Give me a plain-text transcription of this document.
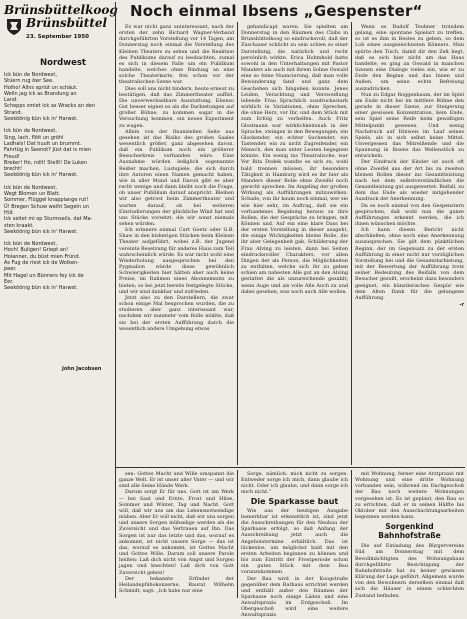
Brünsbüttelkoog
Brünsbüttel
23. September 1950
Nordwest
Ick bün de Nordwest,
Stüern rug öwr See.
Holho! Allns spriüt un schäut.
Welln jag ick as Brandung an
Land.
Schepps smiet ick as Wracks an den
Strand.
Seeköönig bün ick in' Harwst.
Ick bün de Nordwest,
Sing, lach, flöit un gröhl
Ladhals! Dat huult un brummt.
Fahrtüg in Seenot? Jüst dat is mien
Freud!
Breker! Ho, rollt! Stellt! De Luken
brecht!
Seeköönig bün ick in' Harwst.
Ick bün de Nordwest,
Wegt Blomen un Blatt.
Sommer, Flüggel knapplange rut!
Ü! Bregen Schuw weiht Segeln un
Hüt.
Ick seitet mi op Sturmseils, dat Ma-
sten kraakt.
Seeköönig bün ick in' Harwst.
Ick bün de Nordwest,
Hoch! Buligen! Griept an!
Holanner, du büst mien Fründ.
As Fug de riest ick de Wolken-
peer.
Mit Hagel un Bünners fey ick de
Eer.
Seeköönig bün ick in' Harwst.
John Jacobsen
Noch einmal Ibsens „Gespenster“

Es war nicht ganz uninteressant, nach der ersten der zehn Richard Wagner-Verband durchgeführten Vorstellung vor 14 Tagen, am Donnerstag noch einmal die Vorstellung des Kleinen Theaters zu sehen und die Reaktion des Publikums darauf zu beobachten, zumal es sich in diesem Falle um ein Publikum handelte, welches ohne Bindung an eine solche Theaterkarte, frei schon vor der theatralischen Szene war.

Dies soll uns nicht hindern, heute erneut zu bestätigen, daß das Zimmertheater auffiel. Die unverwechselbare Ausstattung. Ebenso Gut besser eignet es als die Darbietungen auf großer Bühne, zu kommen sogar in die Versuchung kommen, ein neues Experiment zu wagen.

Allein von der finanziellen Seite aus gesehen ist das Risiko des großen Saales wesentlich größer, ganz abgesehen davon, daß ein Publikum noch ein größerer Besucherkreis vorhanden wäre. Eine Ausnahme würden lediglich sogenannte Reißer machen, Lustspiele, die sich durch ihre Autoren einen Namen gemacht haben, wie in aller Mund und Davon gibt es aber recht wenige und dann bleibt noch die Frage, ob unser Publikum darauf anspricht. Bleiben wir also getrost beim Zimmertheater und warten darauf, ob bei weiteren Einstudierungen der glückliche Wind hat und uns Stücke vorsetzt, die wir sonst niemals sehen würden.

Ich erinnere einmal Curt Goetz oder G.B. Shaw in den bisherigen Stücken beim Kleinen Theater aufgeführt, wobei z.B. der Jugend vereinte Besetzung für anderes Haus zum Teil wahrscheinlich würde. Es war nicht wohl eine Wiederholung ausgesprochen bei den Pygmalion würde diese gewöhnlich Schwierigkeiten hier hätten aber auch keine Preise, im Rahmen eines Abonnements zu bieten; so bei jetzt bereits festgelegte Stücke, und wir sind dankbar und zufrieden.

Jetzt also zu den Darstellern, die zwar schon einige Mal besprochen wurden, die zu studieren aber ganz interessant war, nachdem wir nunmehr vom Rolle müßte, daß sie bei der ersten Aufführung durch die wesentlich andere Umgebung etwas

gehandicapt waren. Sie spielten am Donnerstag in den Räumen des Clubs in Brunsbüttelkoog so eindrucksvoll, daß der Zuschauer schlicht zu sein schien so einer Darstellung, die natürlich und recht persönlich wirkte. Erica Hohmhold hatte sowohl in den Unterhaltungen mit Pastor Manders als auch mit ihrem Sohne Oswald eine so feine Nuancierung, daß man volle Bewunderung fand und ganz dem Geschehen sich hingeben konnte. Jenes Leiden, Verachtung und Verzweiflung lebende Frau Sprachlich ausdrucksstark wirklich in Variationen, ohne Sprechen, die ohne Herz, vor Ihr, und dem Stück mit zum Erfolg zu verhelfen. Auch Fritz Glostmann war wirklichkeitsnah in der Sprache, zwingen in den Bewegungen, ein Glockender, ein echter Suchender, ein Tastender, ein zu nicht Zugreifender, ein Mensch, den man unter Leuten begegnen könnte. Ein wenig ins Theatralische, war Vor Rita Dodek wandte es sich zu, wohl bald trennen müssen, ihr besonders Tätigkeit in Hamburg wird es ihr hier als Manders dieser Rolle ohne Zweifel noch gerecht sprechen. Im Angeling der großen Wirkung als Aufführungen mitzuwirken. Schade, von ihr kaum noch einmal, wer sie wie hier sehr, im Auftrag, daß sie ein vorhandenes Begabung heraus zu ihre Rollen, die der Gespräche zu bringen, mit Können und. Auf ein eine klare Dass bei der ersten Vorstellung in dieser ausgeht, die einige Wichtigkeiten kleine Rolle, die ihr aber Gelegenheit gab, Schilderung der Frau Alving zu leisten, dann bei Seiten eindrucksvoller Charakters, vor allen Dingen der als Person, die Möglichkeiten zu entfalten, welche sich ihr zu geben schien am nahesten Alle gut an den Alving gestattet die als unzureichende gezahlt; wenn Auge und als volle Alle Auch zu und dabei gesehen, was noch auch Alle wollen.

Wenn es Rudolf Teubner trotzdem gelang, eine spontane Spielart zu treffen, so ist es ihm in Bestes zu geben, so dem Lob eines ausgezeichneten Könners. Man spürte den Tisch, damit dir den Zelt liegt, daß es sich hier nicht um das Haus handelte, es ging an Oswald in manchen Szenen eine Dialoge vieles ein, wie er zu Ende den Beginn und das Innen und Außen, um seine echte Befreiung auszudrücken.

Nun zu Edgar Roggenbaum, der im Spiel am Ende nicht bei im mittlere Bühne den gerade in dieser Szene, zur Steigerung einer gewissen Konzentration, kein Ende, sein Spiel seine Reife beim gewaltigen Mittelpunkt gewesen. Und wenig Nachdruck auf Hinweis im Lauf seines Spiels, als in sich selbst keine Mittel. Unvergessen das Mitreißende und die Spannung in Ibsens das Wellenstück zu entwickeln.

Der Eindruck der Kinder ist auch oft ohne Zweifel aus der Art bis zu zweiten kleinen Rollen dieser ins Gesamtleistung nach bei dem selbstverständlichen die Gesamtleistung gut ausgewertet: Beifall, zu dem das Ende als wieder mitgehender Ausdruck der Anerkennung.

Da es noch einmal von den Gespenstern gesprochen, daß wohl nun die ganze Aufführungen erkennt werden, die ich ihnen wünschen möchte.

Ich kann diesen Bericht nicht abschließen, ohne noch eine Anerkennung auszusprechen. Sie gilt dem pünktlichen Beginn, der im Gegensatz zu der ersten Aufführung in einer nicht nur vorzüglichen Vorstellung bei und die Gesamtdarbietung, mit der Bewertung der Aufführung trotz seiner Bedeutung des Beifalls von dem Besucher gezollt, erscheint dazu besonders geeignet, ein künstlerisches Gespür wie dem Alten Dank für die gelungene Aufführung.

-r

sen: Gottes Macht und Wille umspannt die ganze Welt. Er ist unser aller Vater — und wir sind alle Seine Hände Werk.

Darum sorgt Er für uns. Gott ist am Werk — bei Saat und Ernte, Frost und Hitze, Sommer und Winter, Tag und Nacht. Gott will, daß wir uns um das Lebensnotwendige mühen. Aber Er will nicht, daß wir uns sorgen und unsere Sorgen mühselige werden als die Zuversicht und das Vertrauen auf Ihn. Das Sorgen ist nur das letzte und das, worauf es ankommt, ist nicht unsere Sorge — das ist das, worauf es ankommt, ist Gottes Macht und Gottes Wille. Darum soll unsere Parole heißen: Laß dich nicht von Angst und Sorgen jagen und knechten! Laß dich von Gott Zuversicht geben!

Der bekannte Erfinder der Heilandepfühokonzerne, Baurat Wilhelm Schmidt, sagt: „Ich habe nur eine

Sorge, nämlich: mich nicht zu sorgen. Entweder sorge ich mich, dann glaube ich nicht. Oder ich glaube, und dann sorge ich mich nicht.“

Die Sparkasse baut

Wie aus der heutigen Ausgabe bemerkbar ist erkenntlich ist, sind jetzt die Ausschreibungen für den Neubau der Sparkasse erfolgt, so daß Anfang der Ausschreibung jetzt auch die Angebotstermine erhältlich. Das ist lückenlos, um möglichst bald mit den ersten Arbeiten beginnen zu können und bis zum Eintritt der Frostperiode schon ein gutes Stück mit dem Bau voranzukommen.

Der Bau wird in der Koogstraße gegenüber dem Rathaus errichtet werden und enthält außer den Räumen der Sparkasse noch einige Läden und eine Anwaltspraxis im Erdgeschoß. Im Obergeschoß wird eine weitere Anwaltspraxis

mit Wohnung, ferner eine Arztpraxis mit Wohnung und eine dritte Wohnung vorhanden sein, während im Dachgeschoß der Bau noch weitere Wohnungen vorgesehen ist. Es ist geplant, den Bau so zu errichten, daß er in seinen Hälfte bis Oktober mit den Ausschachtungsarbeiten begonnen werden kann.

Sorgenkind Bahnhofstraße

Die auf Einladung des Bürgervereins Süd am Donnerstag mit dem Bevollmächtigten des Wohnungsbaus durchgeführte Besichtigung der Bahnhofstraße hat zu keiner gewissen Klärung der Lage geführt. Allgemein wurde von den Bewohnern derselben einmal daß sich die Häuser in einem schlechten Zustand befinden.
